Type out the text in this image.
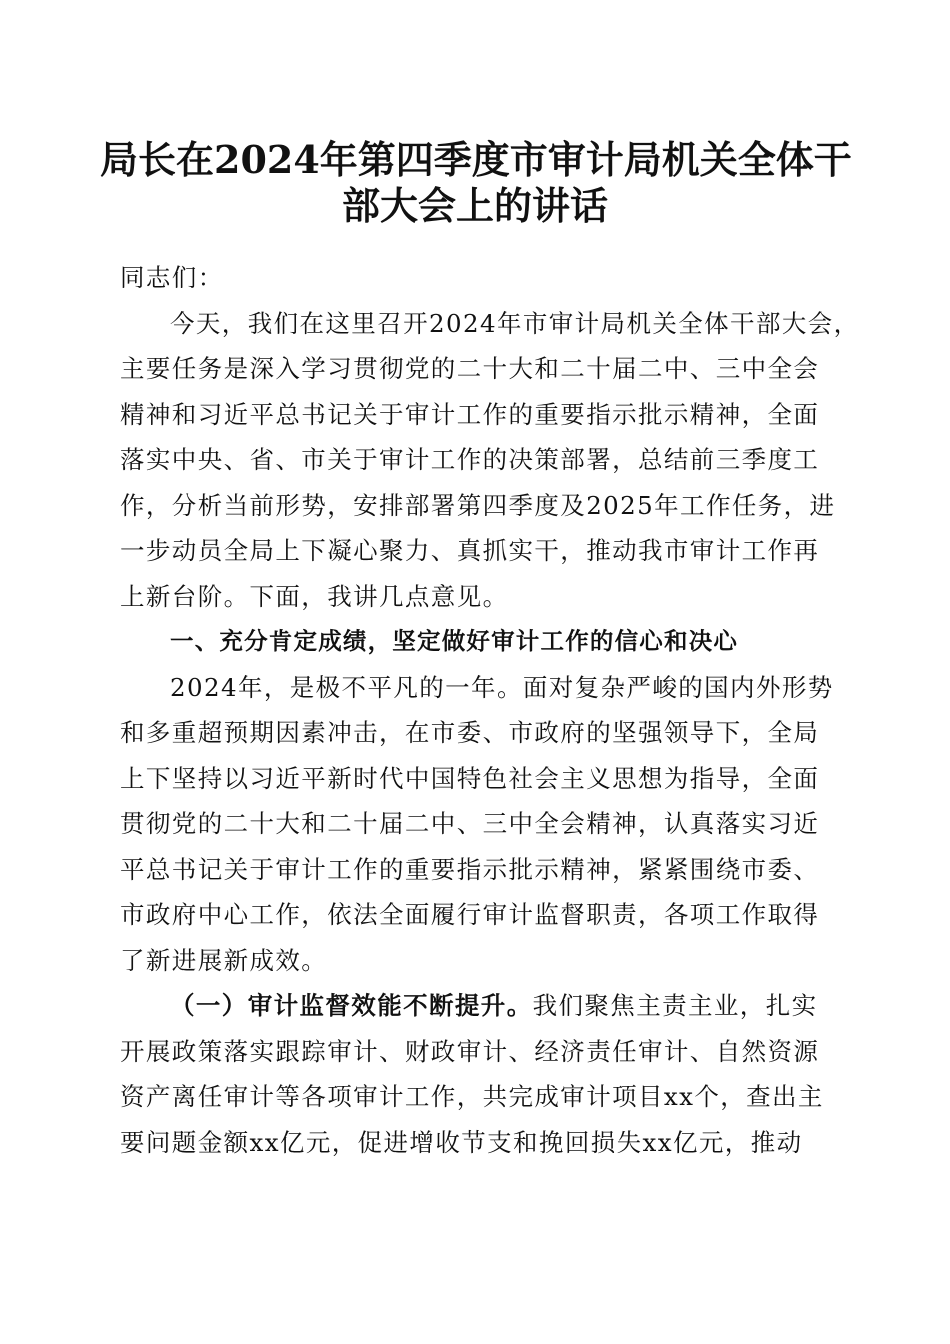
局长在2024年第四季度市审计局机关全体干
部大会上的讲话
同志们：
今天，我们在这里召开2024年市审计局机关全体干部大会，
主要任务是深入学习贯彻党的二十大和二十届二中、三中全会
精神和习近平总书记关于审计工作的重要指示批示精神，全面
落实中央、省、市关于审计工作的决策部署，总结前三季度工
作，分析当前形势，安排部署第四季度及2025年工作任务，进
一步动员全局上下凝心聚力、真抓实干，推动我市审计工作再
上新台阶。下面，我讲几点意见。
一、充分肯定成绩，坚定做好审计工作的信心和决心
2024年，是极不平凡的一年。面对复杂严峻的国内外形势
和多重超预期因素冲击，在市委、市政府的坚强领导下，全局
上下坚持以习近平新时代中国特色社会主义思想为指导，全面
贯彻党的二十大和二十届二中、三中全会精神，认真落实习近
平总书记关于审计工作的重要指示批示精神，紧紧围绕市委、
市政府中心工作，依法全面履行审计监督职责，各项工作取得
了新进展新成效。
（一）审计监督效能不断提升。我们聚焦主责主业，扎实
开展政策落实跟踪审计、财政审计、经济责任审计、自然资源
资产离任审计等各项审计工作，共完成审计项目xx个，查出主
要问题金额xx亿元，促进增收节支和挽回损失xx亿元，推动
